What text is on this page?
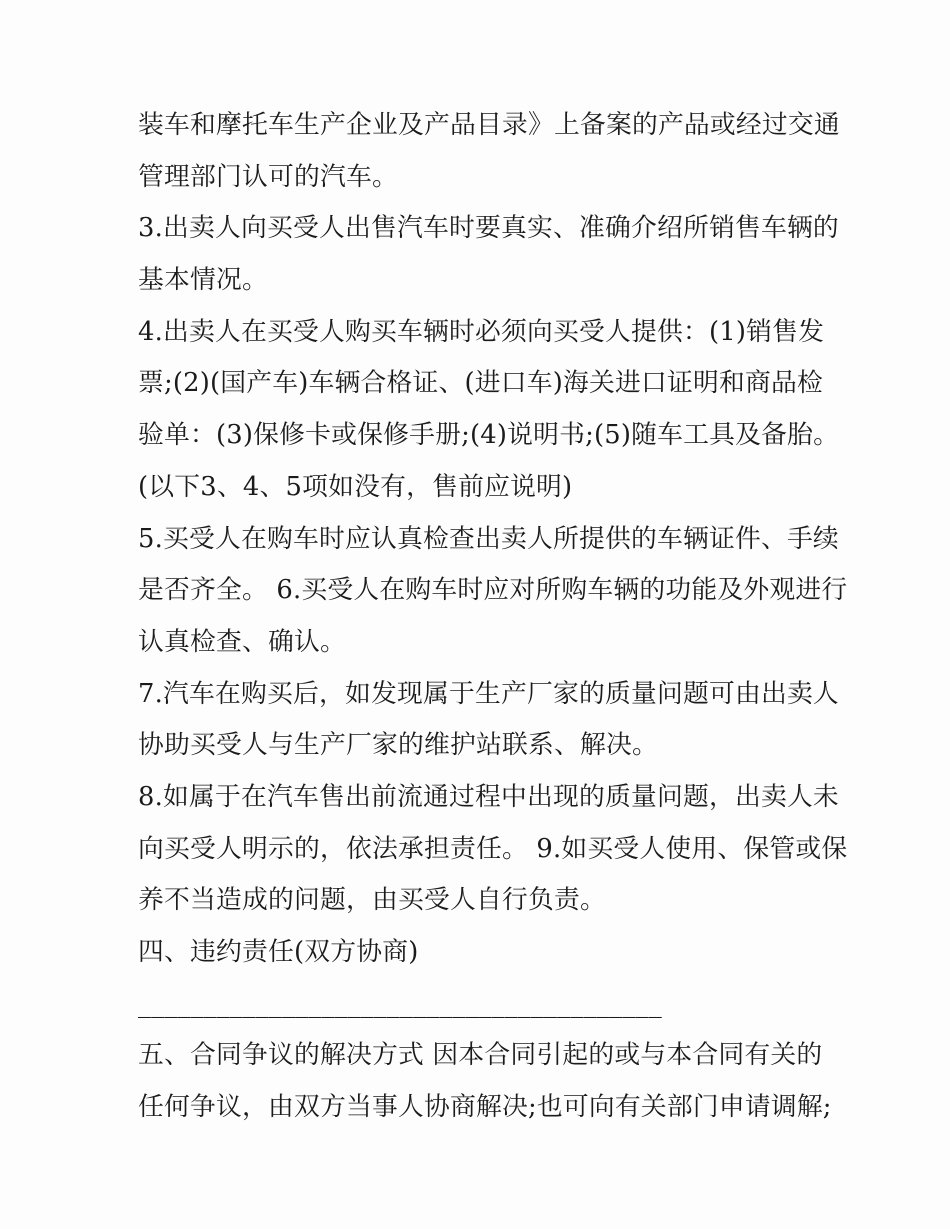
装车和摩托车生产企业及产品目录》上备案的产品或经过交通
管理部门认可的汽车。
3.出卖人向买受人出售汽车时要真实、准确介绍所销售车辆的
基本情况。
4.出卖人在买受人购买车辆时必须向买受人提供：(1)销售发
票;(2)(国产车)车辆合格证、(进口车)海关进口证明和商品检
验单：(3)保修卡或保修手册;(4)说明书;(5)随车工具及备胎。
(以下3、4、5项如没有，售前应说明)
5.买受人在购车时应认真检查出卖人所提供的车辆证件、手续
是否齐全。 6.买受人在购车时应对所购车辆的功能及外观进行
认真检查、确认。
7.汽车在购买后，如发现属于生产厂家的质量问题可由出卖人
协助买受人与生产厂家的维护站联系、解决。
8.如属于在汽车售出前流通过程中出现的质量问题，出卖人未
向买受人明示的，依法承担责任。 9.如买受人使用、保管或保
养不当造成的问题，由买受人自行负责。
四、违约责任(双方协商)
________________________________________
五、合同争议的解决方式 因本合同引起的或与本合同有关的
任何争议，由双方当事人协商解决;也可向有关部门申请调解;
